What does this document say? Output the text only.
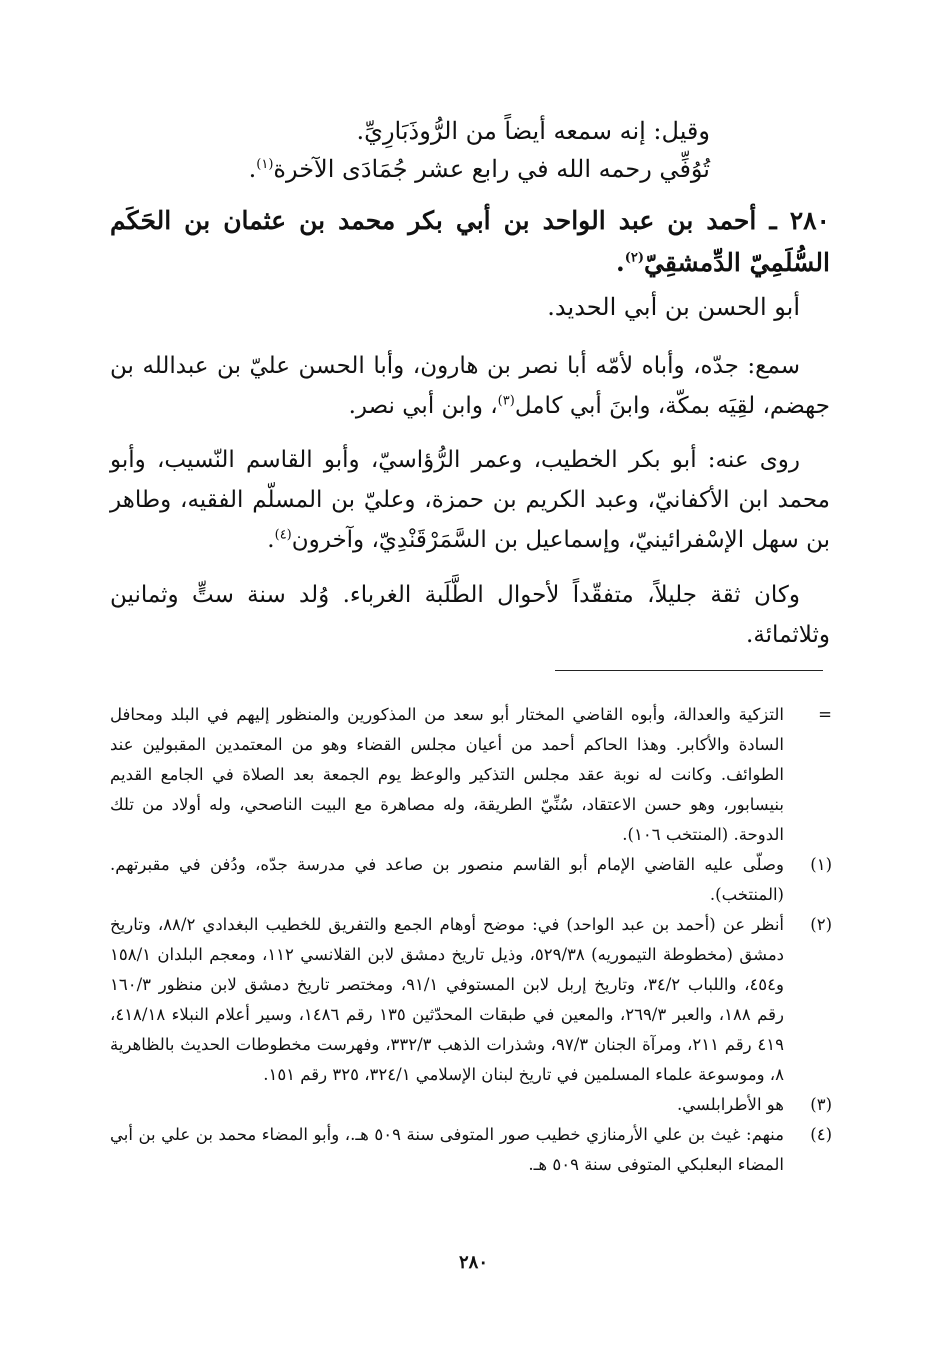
وقيل: إنه سمعه أيضاً من الرُّوذَبَارِيِّ.
تُوُفِّي رحمه الله في رابع عشر جُمَادَى الآخرة$^{(١)}$.
٢٨٠ ـ أحمد بن عبد الواحد بن أبي بكر محمد بن عثمان بن الحَكَم السُّلَمِيّ الدِّمشقِيّ$^{(٢)}$.
أبو الحسن بن أبي الحديد.
سمع: جدّه، وأباه لأمّه أبا نصر بن هارون، وأبا الحسن عليّ بن عبدالله بن جهضم، لقِيَه بمكّة، وابنَ أبي كامل$^{(٣)}$، وابن أبي نصر.
روى عنه: أبو بكر الخطيب، وعمر الرُّؤاسيّ، وأبو القاسم النّسيب، وأبو محمد ابن الأكفانيّ، وعبد الكريم بن حمزة، وعليّ بن المسلّم الفقيه، وطاهر بن سهل الإسْفرائينيّ، وإسماعيل بن السَّمَرْقَنْدِيّ، وآخرون$^{(٤)}$.
وكان ثقة جليلاً، متفقّداً لأحوال الطَّلَبة الغرباء. وُلد سنة ستٍّ وثمانين وثلاثمائة.
=
التزكية والعدالة، وأبوه القاضي المختار أبو سعد من المذكورين والمنظور إليهم في البلد ومحافل السادة والأكابر. وهذا الحاكم أحمد من أعيان مجلس القضاء وهو من المعتمدين المقبولين عند الطوائف. وكانت له نوبة عقد مجلس التذكير والوعظ يوم الجمعة بعد الصلاة في الجامع القديم بنيسابور، وهو حسن الاعتقاد، سُنِّيّ الطريقة، وله مصاهرة مع البيت الناصحي، وله أولاد من تلك الدوحة. (المنتخب ١٠٦).
(١)
وصلّى عليه القاضي الإمام أبو القاسم منصور بن صاعد في مدرسة جدّه، ودُفن في مقبرتهم. (المنتخب).
(٢)
أنظر عن (أحمد بن عبد الواحد) في: موضح أوهام الجمع والتفريق للخطيب البغدادي ٨٨/٢، وتاريخ دمشق (مخطوطة التيموريه) ٥٢٩/٣٨، وذيل تاريخ دمشق لابن القلانسي ١١٢، ومعجم البلدان ١٥٨/١ و٤٥٤، واللباب ٣٤/٢، وتاريخ إربل لابن المستوفي ٩١/١، ومختصر تاريخ دمشق لابن منظور ١٦٠/٣ رقم ١٨٨، والعبر ٢٦٩/٣، والمعين في طبقات المحدّثين ١٣٥ رقم ١٤٨٦، وسير أعلام النبلاء ٤١٨/١٨، ٤١٩ رقم ٢١١، ومرآة الجنان ٩٧/٣، وشذرات الذهب ٣٣٢/٣، وفهرست مخطوطات الحديث بالظاهرية ٨، وموسوعة علماء المسلمين في تاريخ لبنان الإسلامي ٣٢٤/١، ٣٢٥ رقم ١٥١.
(٣)
هو الأطرابلسي.
(٤)
منهم: غيث بن علي الأرمنازي خطيب صور المتوفى سنة ٥٠٩ هـ.، وأبو المضاء محمد بن علي بن أبي المضاء البعلبكي المتوفى سنة ٥٠٩ هـ.
٢٨٠
